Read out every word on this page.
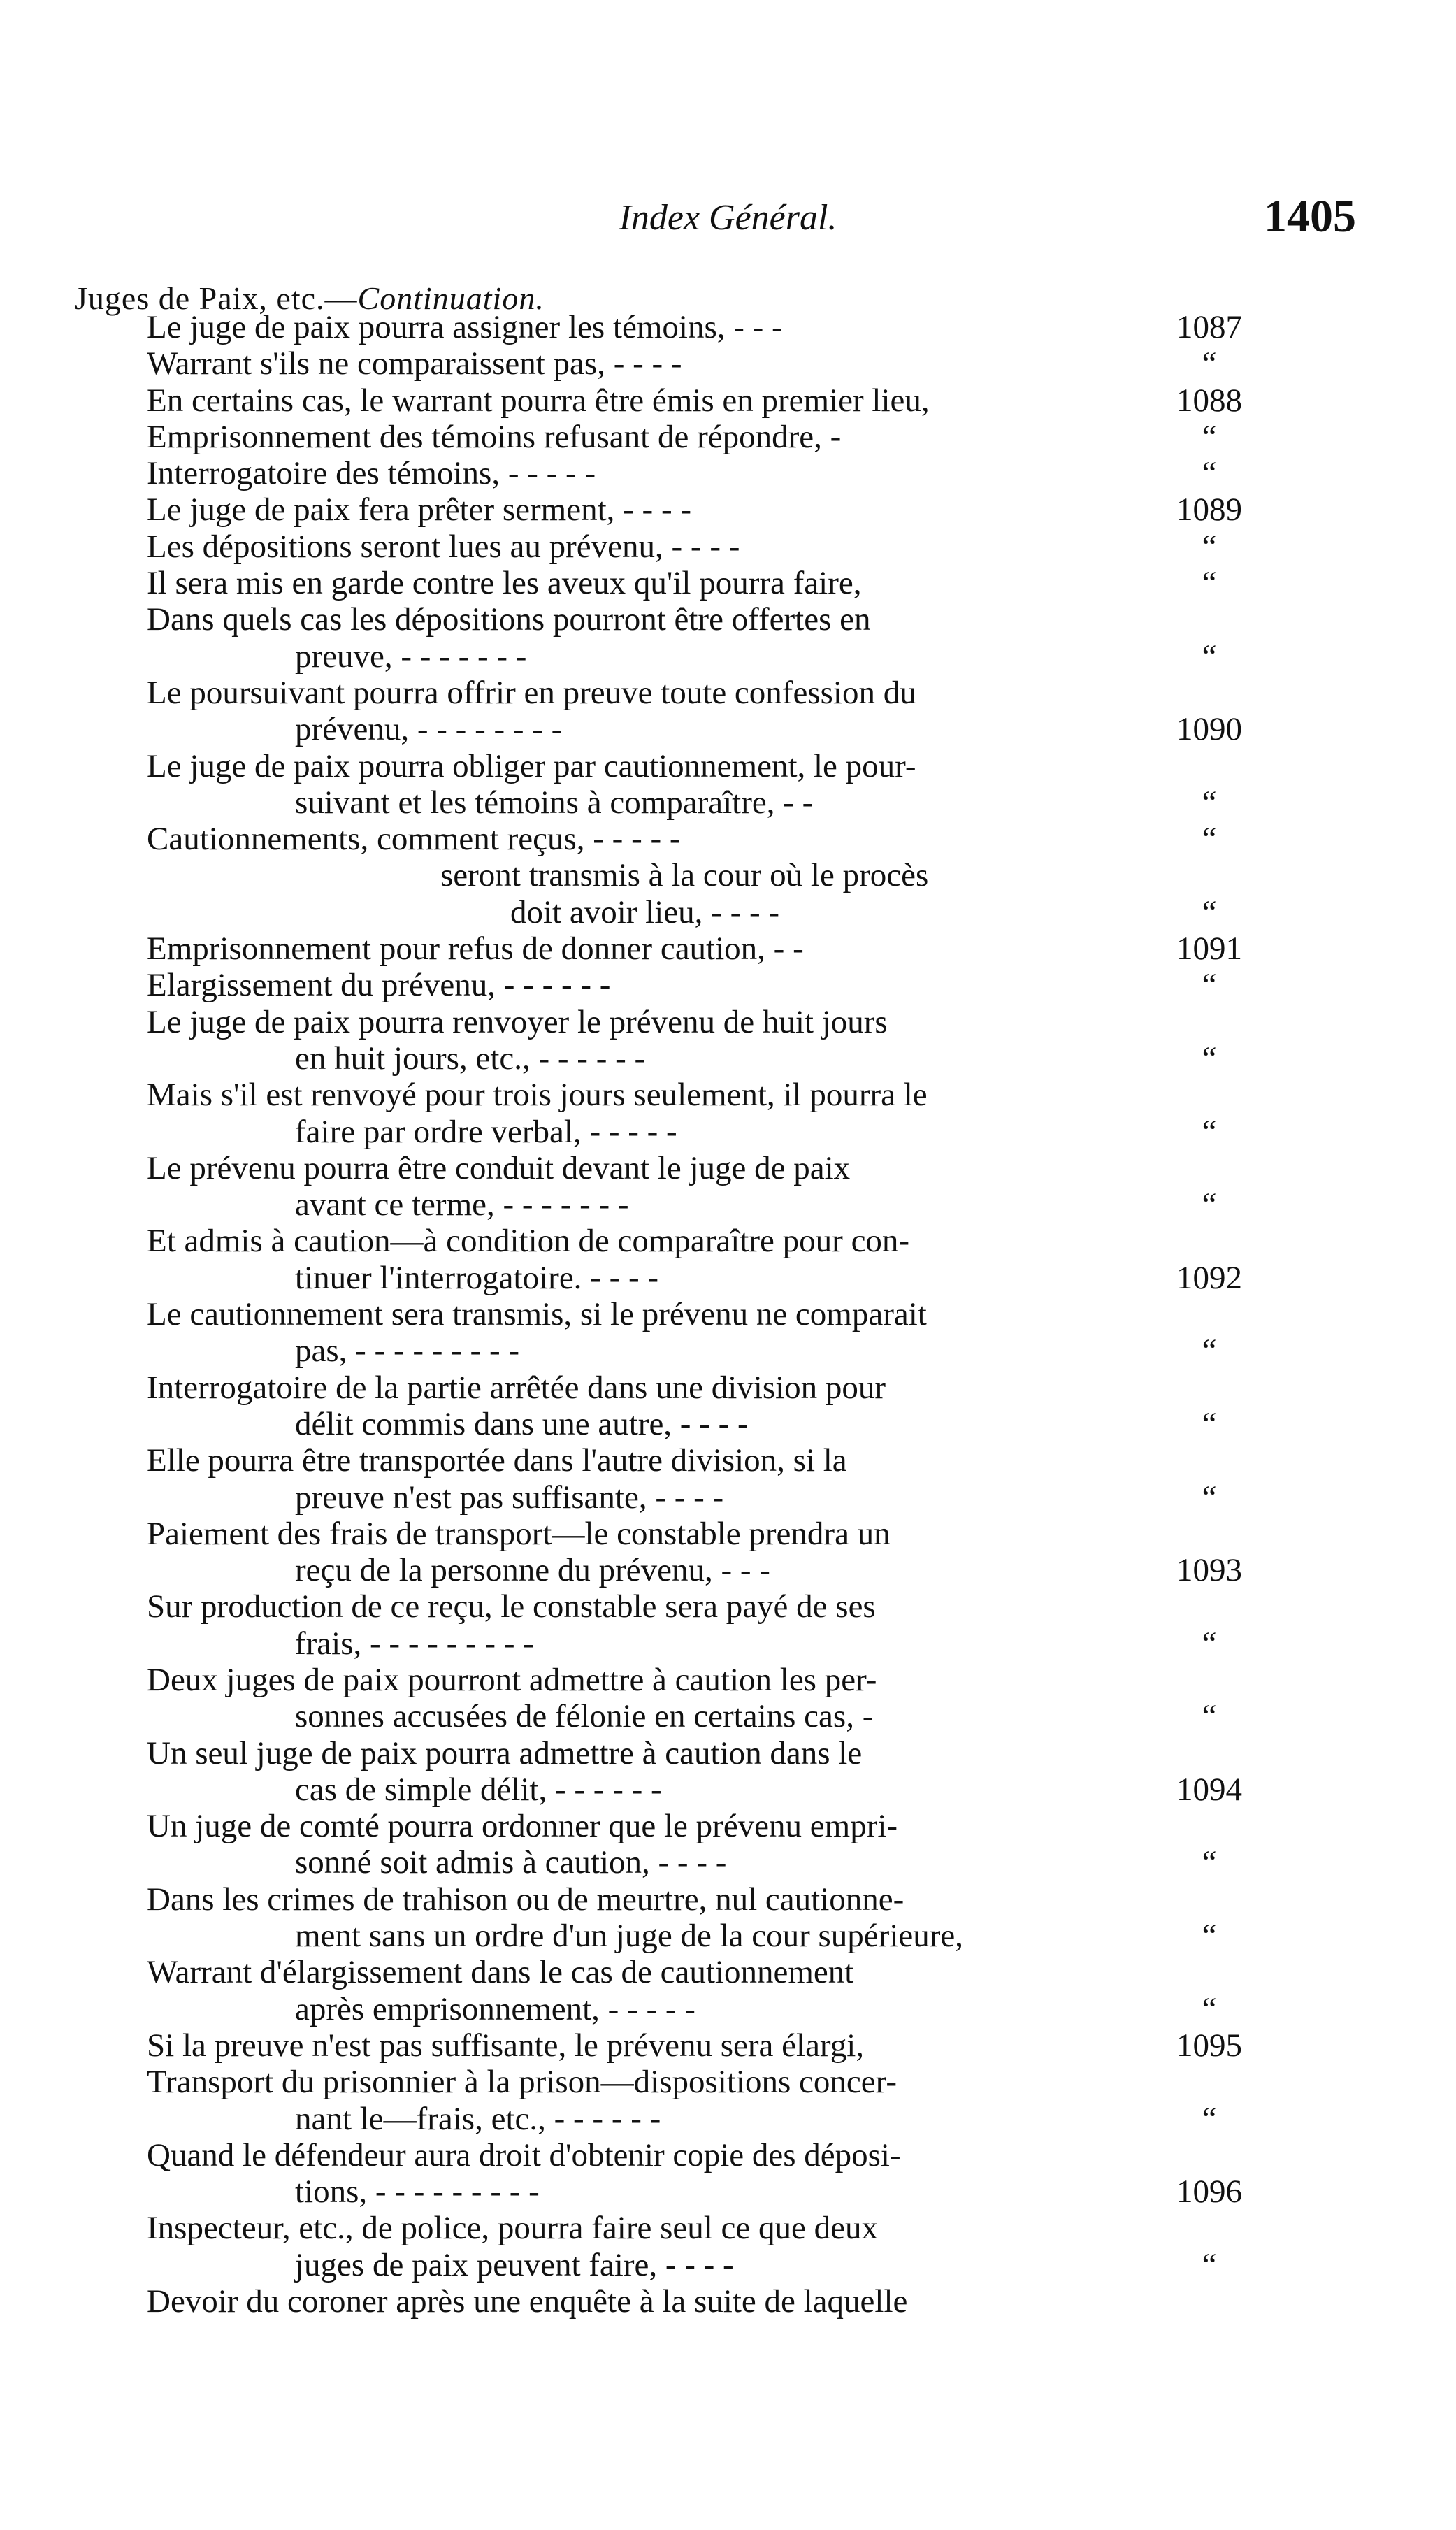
Index Général.	1405
Juges de Paix, etc.—Continuation.
Le juge de paix pourra assigner les témoins, - - -	1087
Warrant s'ils ne comparaissent pas, - - - -	“
En certains cas, le warrant pourra être émis en premier lieu,	1088
Emprisonnement des témoins refusant de répondre, -	“
Interrogatoire des témoins, - - - - -	“
Le juge de paix fera prêter serment, - - - -	1089
Les dépositions seront lues au prévenu, - - - -	“
Il sera mis en garde contre les aveux qu'il pourra faire,	“
Dans quels cas les dépositions pourront être offertes en
preuve, - - - - - - -	“
Le poursuivant pourra offrir en preuve toute confession du
prévenu, - - - - - - - -	1090
Le juge de paix pourra obliger par cautionnement, le pour-
suivant et les témoins à comparaître, - -	“
Cautionnements, comment reçus, - - - - -	“
seront transmis à la cour où le procès
doit avoir lieu, - - - -	“
Emprisonnement pour refus de donner caution, - -	1091
Elargissement du prévenu, - - - - - -	“
Le juge de paix pourra renvoyer le prévenu de huit jours
en huit jours, etc., - - - - - -	“
Mais s'il est renvoyé pour trois jours seulement, il pourra le
faire par ordre verbal, - - - - -	“
Le prévenu pourra être conduit devant le juge de paix
avant ce terme, - - - - - - -	“
Et admis à caution—à condition de comparaître pour con-
tinuer l'interrogatoire. - - - -	1092
Le cautionnement sera transmis, si le prévenu ne comparait
pas, - - - - - - - - -	“
Interrogatoire de la partie arrêtée dans une division pour
délit commis dans une autre, - - - -	“
Elle pourra être transportée dans l'autre division, si la
preuve n'est pas suffisante, - - - -	“
Paiement des frais de transport—le constable prendra un
reçu de la personne du prévenu, - - -	1093
Sur production de ce reçu, le constable sera payé de ses
frais, - - - - - - - - -	“
Deux juges de paix pourront admettre à caution les per-
sonnes accusées de félonie en certains cas, -	“
Un seul juge de paix pourra admettre à caution dans le
cas de simple délit, - - - - - -	1094
Un juge de comté pourra ordonner que le prévenu empri-
sonné soit admis à caution, - - - -	“
Dans les crimes de trahison ou de meurtre, nul cautionne-
ment sans un ordre d'un juge de la cour supérieure,	“
Warrant d'élargissement dans le cas de cautionnement
après emprisonnement, - - - - -	“
Si la preuve n'est pas suffisante, le prévenu sera élargi,	1095
Transport du prisonnier à la prison—dispositions concer-
nant le—frais, etc., - - - - - -	“
Quand le défendeur aura droit d'obtenir copie des déposi-
tions, - - - - - - - - -	1096
Inspecteur, etc., de police, pourra faire seul ce que deux
juges de paix peuvent faire, - - - -	“
Devoir du coroner après une enquête à la suite de laquelle
